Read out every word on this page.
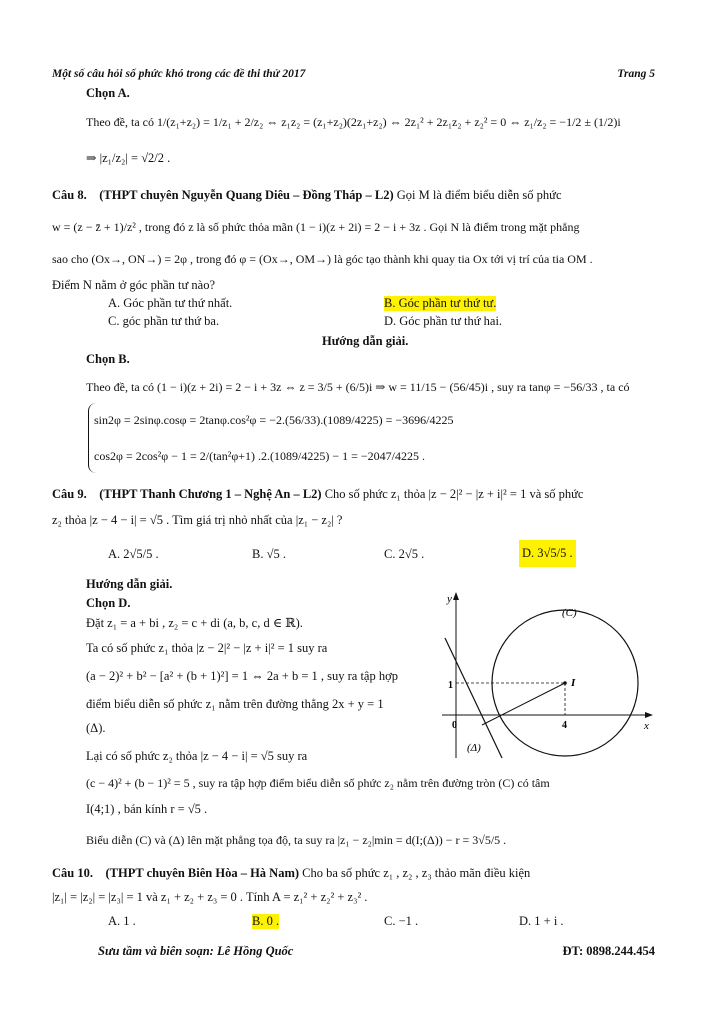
Một số câu hỏi số phức khó trong các đề thi thử 2017	Trang 5
Chọn A.
Theo đề, ta có 1/(z₁+z₂) = 1/z₁ + 2/z₂ ⇔ z₁z₂ = (z₁+z₂)(2z₁+z₂) ⇔ 2z₁² + 2z₁z₂ + z₂² = 0 ⇔ z₁/z₂ = −1/2 ± (1/2)i
⇒ |z₁/z₂| = √2/2 .
Câu 8. (THPT chuyên Nguyễn Quang Diêu – Đồng Tháp – L2) Gọi M là điểm biểu diễn số phức
w = (z − z̄ + 1)/z² , trong đó z là số phức thỏa mãn (1 − i)(z + 2i) = 2 − i + 3z . Gọi N là điểm trong mặt phẳng
sao cho (Ox→, ON→) = 2φ , trong đó φ = (Ox→, OM→) là góc tạo thành khi quay tia Ox tới vị trí của tia OM .
Điểm N nằm ở góc phần tư nào?
A. Góc phần tư thứ nhất.	B. Góc phần tư thứ tư.
C. góc phần tư thứ ba.	D. Góc phần tư thứ hai.
Hướng dẫn giải.
Chọn B.
Theo đề, ta có (1 − i)(z + 2i) = 2 − i + 3z ⇔ z = 3/5 + (6/5)i ⇒ w = 11/15 − (56/45)i , suy ra tanφ = −56/33 , ta có
sin2φ = 2sinφ.cosφ = 2tanφ.cos²φ = −2.(56/33).(1089/4225) = −3696/4225
cos2φ = 2cos²φ − 1 = 2/(tan²φ+1) .2.(1089/4225) − 1 = −2047/4225 .
Câu 9. (THPT Thanh Chương 1 – Nghệ An – L2) Cho số phức z₁ thỏa |z − 2|² − |z + i|² = 1 và số phức
z₂ thỏa |z − 4 − i| = √5 . Tìm giá trị nhỏ nhất của |z₁ − z₂| ?
A. 2√5/5 .	B. √5 .	C. 2√5 .	D. 3√5/5 .
Hướng dẫn giải.
Chọn D.
Đặt z₁ = a + bi , z₂ = c + di (a, b, c, d ∈ ℝ).
Ta có số phức z₁ thỏa |z − 2|² − |z + i|² = 1 suy ra
(a − 2)² + b² − [a² + (b + 1)²] = 1 ⇔ 2a + b = 1 , suy ra tập hợp
điểm biểu diễn số phức z₁ nằm trên đường thẳng 2x + y = 1
(Δ).
Lại có số phức z₂ thỏa |z − 4 − i| = √5 suy ra
(c − 4)² + (b − 1)² = 5 , suy ra tập hợp điểm biểu diễn số phức z₂ nằm trên đường tròn (C) có tâm
I(4;1) , bán kính r = √5 .
Biểu diễn (C) và (Δ) lên mặt phẳng tọa độ, ta suy ra |z₁ − z₂|min = d(I;(Δ)) − r = 3√5/5 .
y
x
0	4
1	I
(C)
(Δ)
Câu 10. (THPT chuyên Biên Hòa – Hà Nam) Cho ba số phức z₁ , z₂ , z₃ thảo mãn điều kiện
|z₁| = |z₂| = |z₃| = 1 và z₁ + z₂ + z₃ = 0 . Tính A = z₁² + z₂² + z₃² .
A. 1 .	B. 0 .	C. −1 .	D. 1 + i .
Sưu tầm và biên soạn: Lê Hồng Quốc	ĐT: 0898.244.454
